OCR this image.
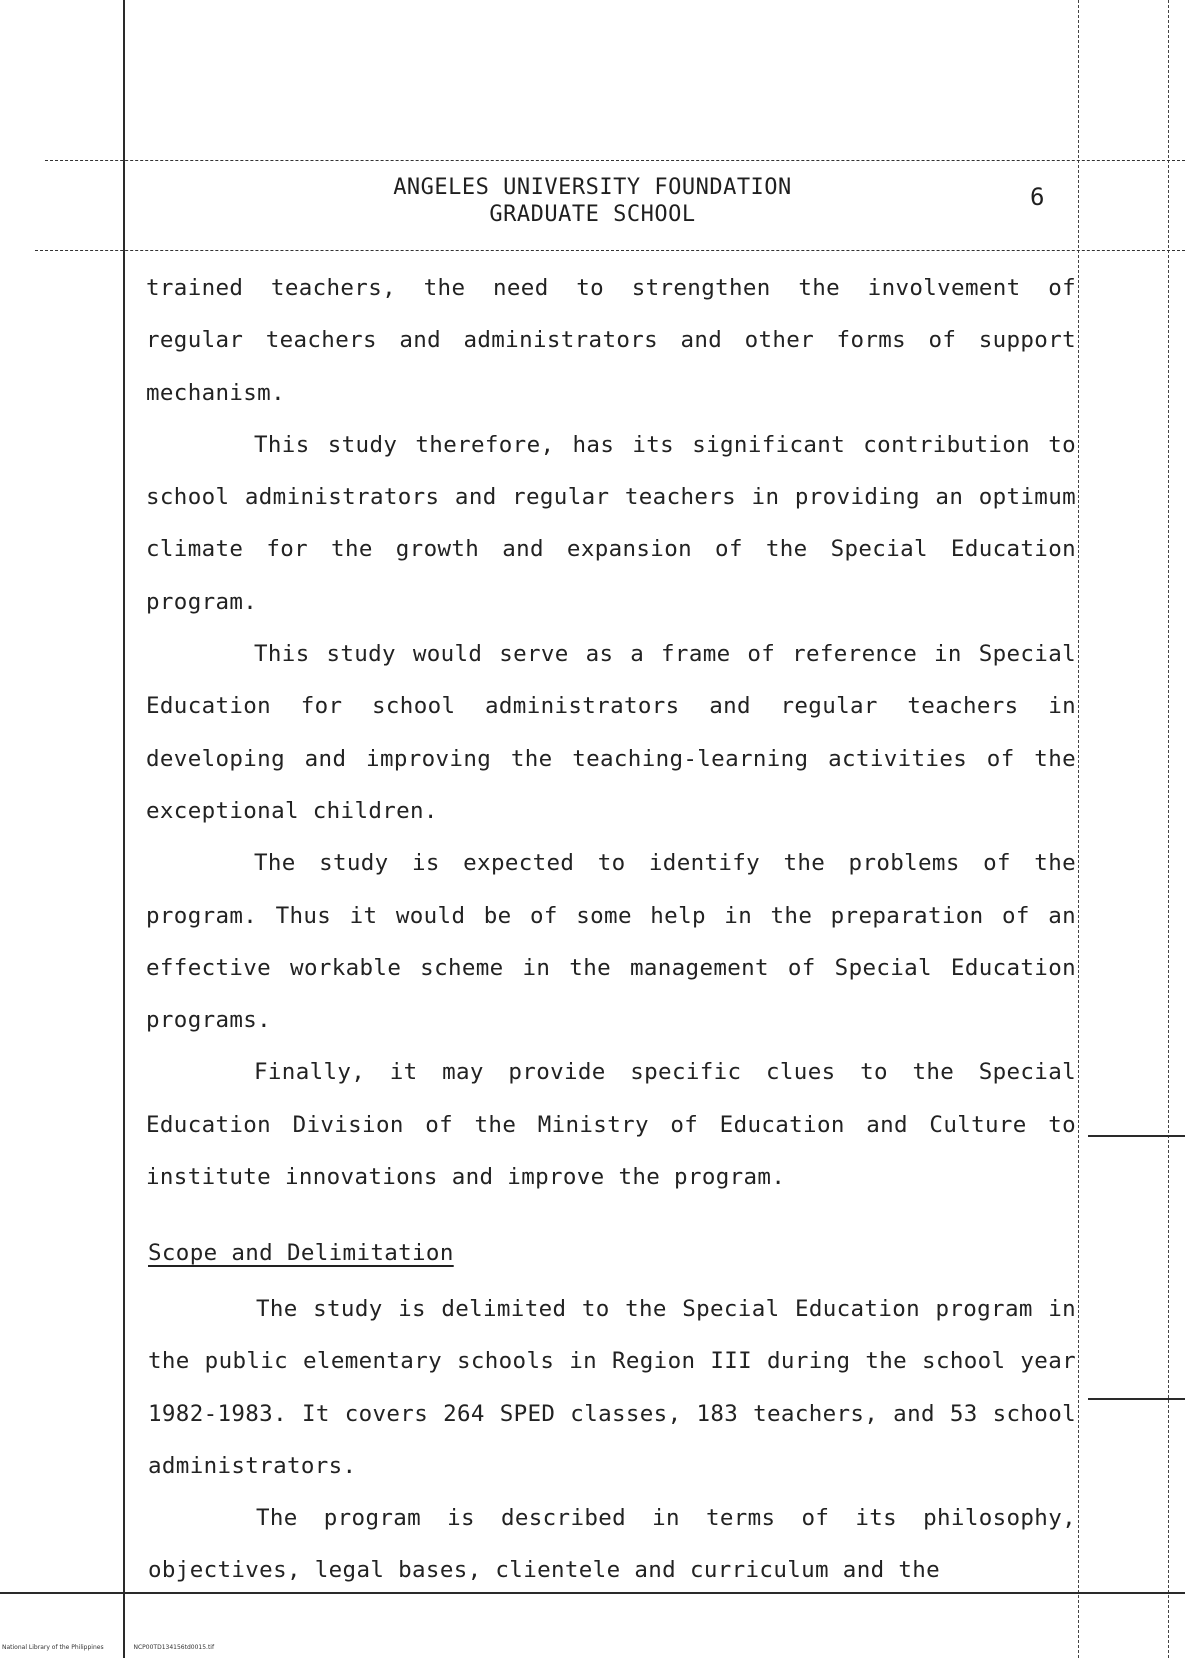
ANGELES UNIVERSITY FOUNDATION
GRADUATE SCHOOL
6

trained teachers, the need to strengthen the involvement of regular teachers and administrators and other forms of support mechanism.

This study therefore, has its significant contribution to school administrators and regular teachers in providing an optimum climate for the growth and expansion of the Special Education program.

This study would serve as a frame of reference in Special Education for school administrators and regular teachers in developing and improving the teaching-learning activities of the exceptional children.

The study is expected to identify the problems of the program. Thus it would be of some help in the preparation of an effective workable scheme in the management of Special Education programs.

Finally, it may provide specific clues to the Special Education Division of the Ministry of Education and Culture to institute innovations and improve the program.

Scope and Delimitation

The study is delimited to the Special Education program in the public elementary schools in Region III during the school year 1982-1983. It covers 264 SPED classes, 183 teachers, and 53 school administrators.

The program is described in terms of its philosophy, objectives, legal bases, clientele and curriculum and the

National Library of the Philippines	NCP00TD134156td0015.tif
